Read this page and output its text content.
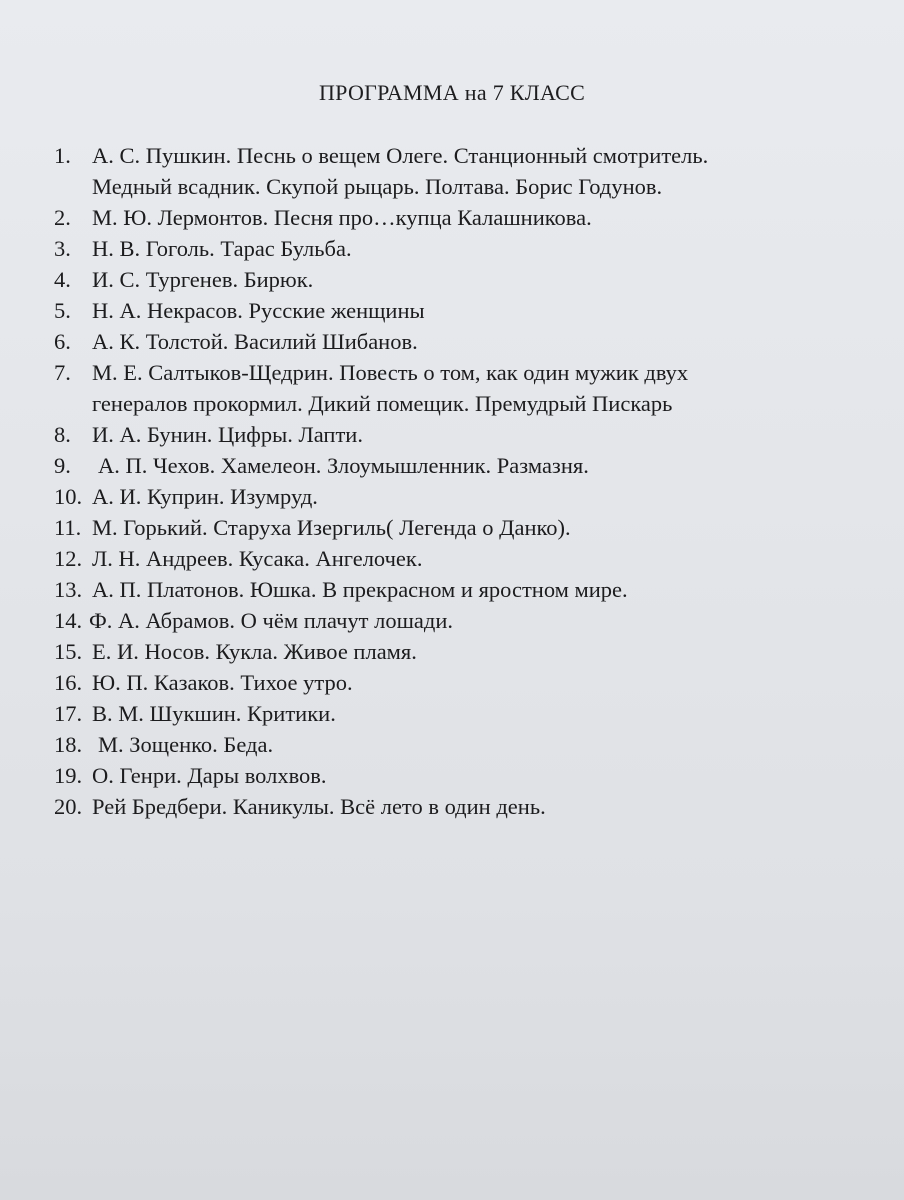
ПРОГРАММА на 7 КЛАСС
1. А. С. Пушкин. Песнь о вещем Олеге. Станционный смотритель.
Медный всадник. Скупой рыцарь. Полтава. Борис Годунов.
2. М. Ю. Лермонтов. Песня про…купца Калашникова.
3. Н. В. Гоголь. Тарас Бульба.
4. И. С. Тургенев. Бирюк.
5. Н. А. Некрасов. Русские женщины
6. А. К. Толстой. Василий Шибанов.
7. М. Е. Салтыков-Щедрин. Повесть о том, как один мужик двух
генералов прокормил. Дикий помещик. Премудрый Пискарь
8. И. А. Бунин. Цифры. Лапти.
9. А. П. Чехов. Хамелеон. Злоумышленник. Размазня.
10. А. И. Куприн. Изумруд.
11. М. Горький. Старуха Изергиль( Легенда о Данко).
12. Л. Н. Андреев. Кусака. Ангелочек.
13. А. П. Платонов. Юшка. В прекрасном и яростном мире.
14. Ф. А. Абрамов. О чём плачут лошади.
15. Е. И. Носов. Кукла. Живое пламя.
16. Ю. П. Казаков. Тихое утро.
17. В. М. Шукшин. Критики.
18. М. Зощенко. Беда.
19. О. Генри. Дары волхвов.
20. Рей Бредбери. Каникулы. Всё лето в один день.
